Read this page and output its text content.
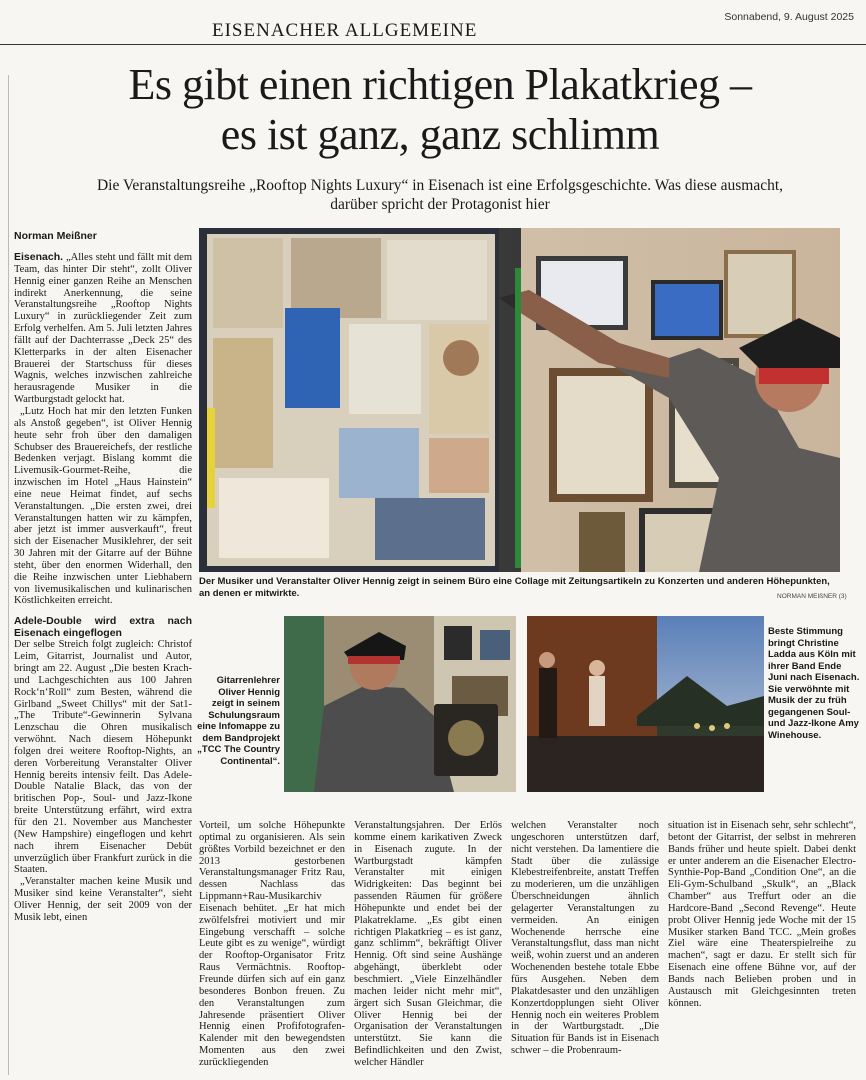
EISENACHER ALLGEMEINE
Sonnabend, 9. August 2025
Es gibt einen richtigen Plakatkrieg –
es ist ganz, ganz schlimm
Die Veranstaltungsreihe „Rooftop Nights Luxury“ in Eisenach ist eine Erfolgsgeschichte. Was diese ausmacht,
darüber spricht der Protagonist hier
Norman Meißner

Eisenach. „Alles steht und fällt mit dem Team, das hinter Dir steht“, zollt Oliver Hennig einer ganzen Reihe an Menschen indirekt Anerkennung, die seine Veranstaltungsreihe „Rooftop Nights Luxury“ in zurückliegender Zeit zum Erfolg verhelfen. Am 5. Juli letzten Jahres fällt auf der Dachterrasse „Deck 25“ des Kletterparks in der alten Eisenacher Brauerei der Startschuss für dieses Wagnis, welches inzwischen zahlreiche herausragende Musiker in die Wartburgstadt gelockt hat.

„Lutz Hoch hat mir den letzten Funken als Anstoß gegeben“, ist Oliver Hennig heute sehr froh über den damaligen Schubser des Brauereichefs, der restliche Bedenken verjagt. Bislang kommt die Livemusik-Gourmet-Reihe, die inzwischen im Hotel „Haus Hainstein“ eine neue Heimat findet, auf sechs Veranstaltungen. „Die ersten zwei, drei Veranstaltungen hatten wir zu kämpfen, aber jetzt ist immer ausverkauft“, freut sich der Eisenacher Musiklehrer, der seit 30 Jahren mit der Gitarre auf der Bühne steht, über den enormen Widerhall, den die Reihe inzwischen unter Liebhabern von livemusikalischen und kulinarischen Köstlichkeiten erreicht.

Adele-Double wird extra nach Eisenach eingeflogen

Der selbe Streich folgt zugleich: Christof Leim, Gitarrist, Journalist und Autor, bringt am 22. August „Die besten Krach- und Lachgeschichten aus 100 Jahren Rock‘n‘Roll“ zum Besten, während die Girlband „Sweet Chillys“ mit der Sat1-„The Tribute“-Gewinnerin Sylvana Lenzschau die Ohren musikalisch verwöhnt. Nach diesem Höhepunkt folgen drei weitere Rooftop-Nights, an deren Vorbereitung Veranstalter Oliver Hennig bereits intensiv feilt. Das Adele-Double Natalie Black, das von der britischen Pop-, Soul- und Jazz-Ikone breite Unterstützung erfährt, wird extra für den 21. November aus Manchester (New Hampshire) eingeflogen und kehrt nach ihrem Eisenacher Debüt unverzüglich über Frankfurt zurück in die Staaten.

„Veranstalter machen keine Musik und Musiker sind keine Veranstalter“, sieht Oliver Hennig, der seit 2009 von der Musik lebt, einen

Der Musiker und Veranstalter Oliver Hennig zeigt in seinem Büro eine Collage mit Zeitungsartikeln zu Konzerten und anderen Höhepunkten, an denen er mitwirkte.	NORMAN MEIßNER (3)
Gitarrenlehrer Oliver Hennig zeigt in seinem Schulungsraum eine Infomappe zu dem Bandprojekt „TCC The Country Continental“.
Beste Stimmung bringt Christine Ladda aus Köln mit ihrer Band Ende Juni nach Eisenach. Sie verwöhnte mit Musik der zu früh gegangenen Soul- und Jazz-Ikone Amy Winehouse.
Vorteil, um solche Höhepunkte optimal zu organisieren. Als sein größtes Vorbild bezeichnet er den 2013 gestorbenen Veranstaltungsmanager Fritz Rau, dessen Nachlass das Lippmann+Rau-Musikarchiv Eisenach behütet. „Er hat mich zwölfelsfrei motiviert und mir Eingebung verschafft – solche Leute gibt es zu wenige“, würdigt der Rooftop-Organisator Fritz Raus Vermächtnis. Rooftop-Freunde dürfen sich auf ein ganz besonderes Bonbon freuen. Zu den Veranstaltungen zum Jahresende präsentiert Oliver Hennig einen Profifotografen-Kalender mit den bewegendsten Momenten aus den zwei zurückliegenden
Veranstaltungsjahren. Der Erlös komme einem karikativen Zweck in Eisenach zugute. In der Wartburgstadt kämpfen Veranstalter mit einigen Widrigkeiten: Das beginnt bei passenden Räumen für größere Höhepunkte und endet bei der Plakatreklame. „Es gibt einen richtigen Plakatkrieg – es ist ganz, ganz schlimm“, bekräftigt Oliver Hennig. Oft sind seine Aushänge abgehängt, überklebt oder beschmiert. „Viele Einzelhändler machen leider nicht mehr mit“, ärgert sich Susan Gleichmar, die Oliver Hennig bei der Organisation der Veranstaltungen unterstützt. Sie kann die Befindlichkeiten und den Zwist, welcher Händler
welchen Veranstalter noch ungeschoren unterstützen darf, nicht verstehen. Da lamentiere die Stadt über die zulässige Klebestreifenbreite, anstatt Treffen zu moderieren, um die unzähligen Überschneidungen ähnlich gelagerter Veranstaltungen zu vermeiden. An einigen Wochenende herrsche eine Veranstaltungsflut, dass man nicht weiß, wohin zuerst und an anderen Wochenenden bestehe totale Ebbe fürs Ausgehen. Neben dem Plakatdesaster und den unzähligen Konzertdopplungen sieht Oliver Hennig noch ein weiteres Problem in der Wartburgstadt. „Die Situation für Bands ist in Eisenach schwer – die Probenraum-
situation ist in Eisenach sehr, sehr schlecht“, betont der Gitarrist, der selbst in mehreren Bands früher und heute spielt. Dabei denkt er unter anderem an die Eisenacher Electro-Synthie-Pop-Band „Condition One“, an die Eli-Gym-Schulband „Skulk“, an „Black Chamber“ aus Treffurt oder an die Hardcore-Band „Second Revenge“. Heute probt Oliver Hennig jede Woche mit der 15 Musiker starken Band TCC. „Mein großes Ziel wäre eine Theaterspielreihe zu machen“, sagt er dazu. Er stellt sich für Eisenach eine offene Bühne vor, auf der Bands nach Belieben proben und in Austausch mit Gleichgesinnten treten können.
